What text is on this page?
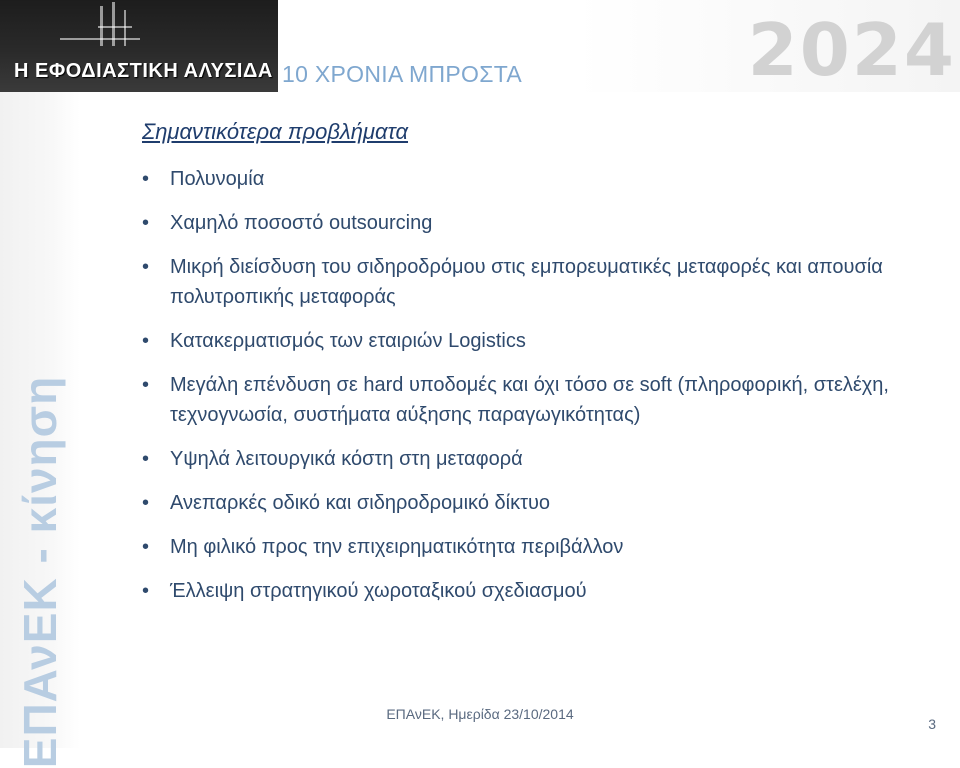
Η ΕΦΟΔΙΑΣΤΙΚΗ ΑΛΥΣΙΔΑ 10 ΧΡΟΝΙΑ ΜΠΡΟΣΤΑ	2024
ΕΠΑνΕΚ - κίνηση
Σημαντικότερα προβλήματα
• Πολυνομία
• Χαμηλό ποσοστό outsourcing
• Μικρή διείσδυση του σιδηροδρόμου στις εμπορευματικές μεταφορές και απουσία πολυτροπικής μεταφοράς
• Κατακερματισμός των εταιριών Logistics
• Μεγάλη επένδυση σε hard υποδομές και όχι τόσο σε soft (πληροφορική, στελέχη, τεχνογνωσία, συστήματα αύξησης παραγωγικότητας)
• Υψηλά λειτουργικά κόστη στη μεταφορά
• Ανεπαρκές οδικό και σιδηροδρομικό δίκτυο
• Μη φιλικό προς την επιχειρηματικότητα περιβάλλον
• Έλλειψη στρατηγικού χωροταξικού σχεδιασμού
ΕΠΑνΕΚ, Ημερίδα 23/10/2014
3
